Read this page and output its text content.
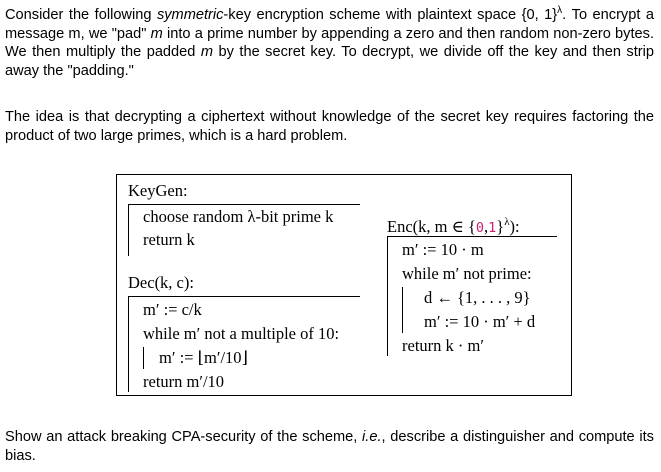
Consider the following symmetric-key encryption scheme with plaintext space {0, 1}$^\lambda$. To encrypt a message m, we "pad" m into a prime number by appending a zero and then random non-zero bytes. We then multiply the padded m by the secret key. To decrypt, we divide off the key and then strip away the "padding."
The idea is that decrypting a ciphertext without knowledge of the secret key requires factoring the product of two large primes, which is a hard problem.
KeyGen:
choose random λ-bit prime k
return k
Dec(k, c):
m′ := c/k
while m′ not a multiple of 10:
m′ := ⌊m′/10⌋
return m′/10
Enc(k, m ∈ $\{0,1\}^\lambda$):
m′ := 10 · m
while m′ not prime:
d ← {1, . . . , 9}
m′ := 10 · m′ + d
return k · m′
Show an attack breaking CPA-security of the scheme, i.e., describe a distinguisher and compute its bias.
